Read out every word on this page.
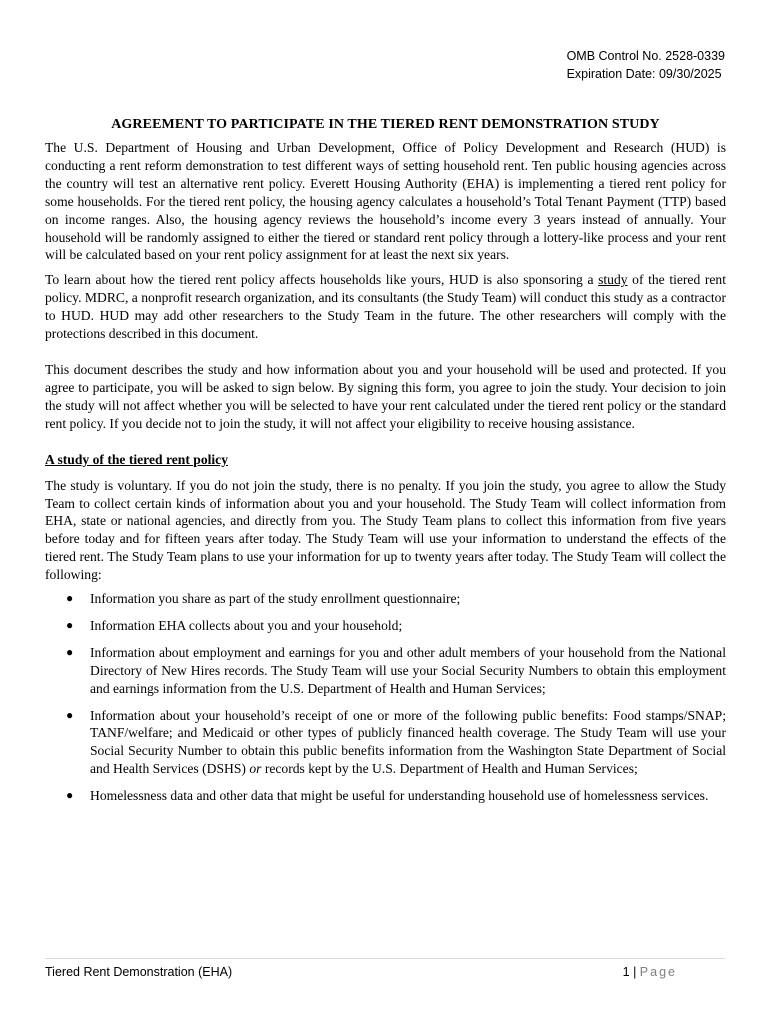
OMB Control No. 2528-0339
Expiration Date: 09/30/2025
AGREEMENT TO PARTICIPATE IN THE TIERED RENT DEMONSTRATION STUDY

The U.S. Department of Housing and Urban Development, Office of Policy Development and Research (HUD) is conducting a rent reform demonstration to test different ways of setting household rent. Ten public housing agencies across the country will test an alternative rent policy. Everett Housing Authority (EHA) is implementing a tiered rent policy for some households. For the tiered rent policy, the housing agency calculates a household’s Total Tenant Payment (TTP) based on income ranges. Also, the housing agency reviews the household’s income every 3 years instead of annually. Your household will be randomly assigned to either the tiered or standard rent policy through a lottery-like process and your rent will be calculated based on your rent policy assignment for at least the next six years.

To learn about how the tiered rent policy affects households like yours, HUD is also sponsoring a study of the tiered rent policy. MDRC, a nonprofit research organization, and its consultants (the Study Team) will conduct this study as a contractor to HUD. HUD may add other researchers to the Study Team in the future. The other researchers will comply with the protections described in this document.

This document describes the study and how information about you and your household will be used and protected. If you agree to participate, you will be asked to sign below. By signing this form, you agree to join the study. Your decision to join the study will not affect whether you will be selected to have your rent calculated under the tiered rent policy or the standard rent policy. If you decide not to join the study, it will not affect your eligibility to receive housing assistance.

A study of the tiered rent policy

The study is voluntary. If you do not join the study, there is no penalty. If you join the study, you agree to allow the Study Team to collect certain kinds of information about you and your household. The Study Team will collect information from EHA, state or national agencies, and directly from you. The Study Team plans to collect this information from five years before today and for fifteen years after today. The Study Team will use your information to understand the effects of the tiered rent. The Study Team plans to use your information for up to twenty years after today. The Study Team will collect the following:

● Information you share as part of the study enrollment questionnaire;
● Information EHA collects about you and your household;
● Information about employment and earnings for you and other adult members of your household from the National Directory of New Hires records. The Study Team will use your Social Security Numbers to obtain this employment and earnings information from the U.S. Department of Health and Human Services;
● Information about your household’s receipt of one or more of the following public benefits: Food stamps/SNAP; TANF/welfare; and Medicaid or other types of publicly financed health coverage. The Study Team will use your Social Security Number to obtain this public benefits information from the Washington State Department of Social and Health Services (DSHS) or records kept by the U.S. Department of Health and Human Services;
● Homelessness data and other data that might be useful for understanding household use of homelessness services.
Tiered Rent Demonstration (EHA)	1 | Page
